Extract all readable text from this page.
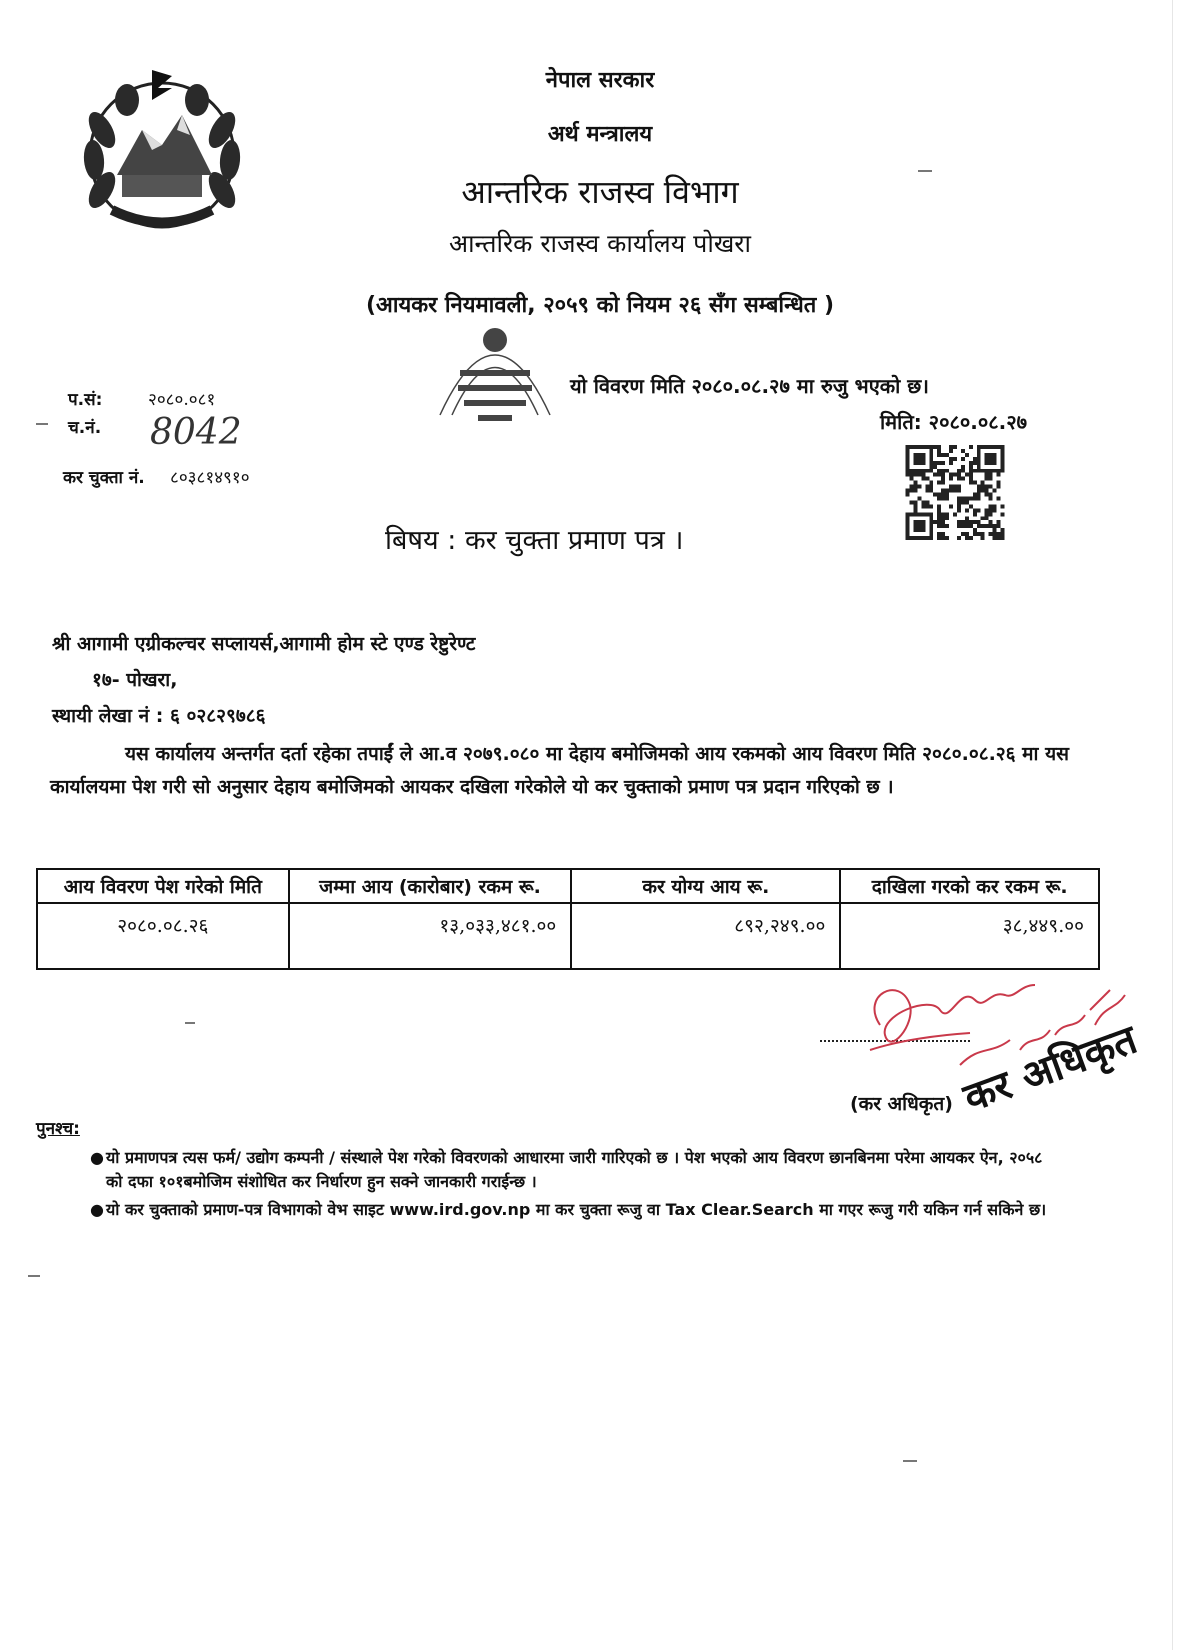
नेपाल सरकार
अर्थ मन्त्रालय
आन्तरिक राजस्व विभाग
आन्तरिक राजस्व कार्यालय पोखरा
(आयकर नियमावली, २०५९ को नियम २६ सँग सम्बन्धित )
प.सं:	२०८०.०८१
च.नं. 8042
कर चुक्ता नं. ८०३८१४९१०
यो विवरण मिति २०८०.०८.२७ मा रुजु भएको छ।
मिति: २०८०.०८.२७
बिषय : कर चुक्ता प्रमाण पत्र ।
श्री आगामी एग्रीकल्चर सप्लायर्स,आगामी होम स्टे एण्ड रेष्टुरेण्ट
१७- पोखरा,
स्थायी लेखा नं : ६ ०२८२९७८६
यस कार्यालय अन्तर्गत दर्ता रहेका तपाईं ले आ.व २०७९.०८० मा देहाय बमोजिमको आय रकमको आय विवरण मिति २०८०.०८.२६ मा यस कार्यालयमा पेश गरी सो अनुसार देहाय बमोजिमको आयकर दखिला गरेकोले यो कर चुक्ताको प्रमाण पत्र प्रदान गरिएको छ ।
आय विवरण पेश गरेको मिति	जम्मा आय (कारोबार) रकम रू.	कर योग्य आय रू.	दाखिला गरको कर रकम रू.
२०८०.०८.२६	१३,०३३,४८१.००	८९२,२४९.००	३८,४४९.००
(कर अधिकृत) कर अधिकृत
पुनश्च:
● यो प्रमाणपत्र त्यस फर्म/ उद्योग कम्पनी / संस्थाले पेश गरेको विवरणको आधारमा जारी गारिएको छ । पेश भएको आय विवरण छानबिनमा परेमा आयकर ऐन, २०५८ को दफा १०१बमोजिम संशोधित कर निर्धारण हुन सक्ने जानकारी गराईन्छ ।
● यो कर चुक्ताको प्रमाण-पत्र विभागको वेभ साइट www.ird.gov.np मा कर चुक्ता रूजु वा Tax Clear.Search मा गएर रूजु गरी यकिन गर्न सकिने छ।
